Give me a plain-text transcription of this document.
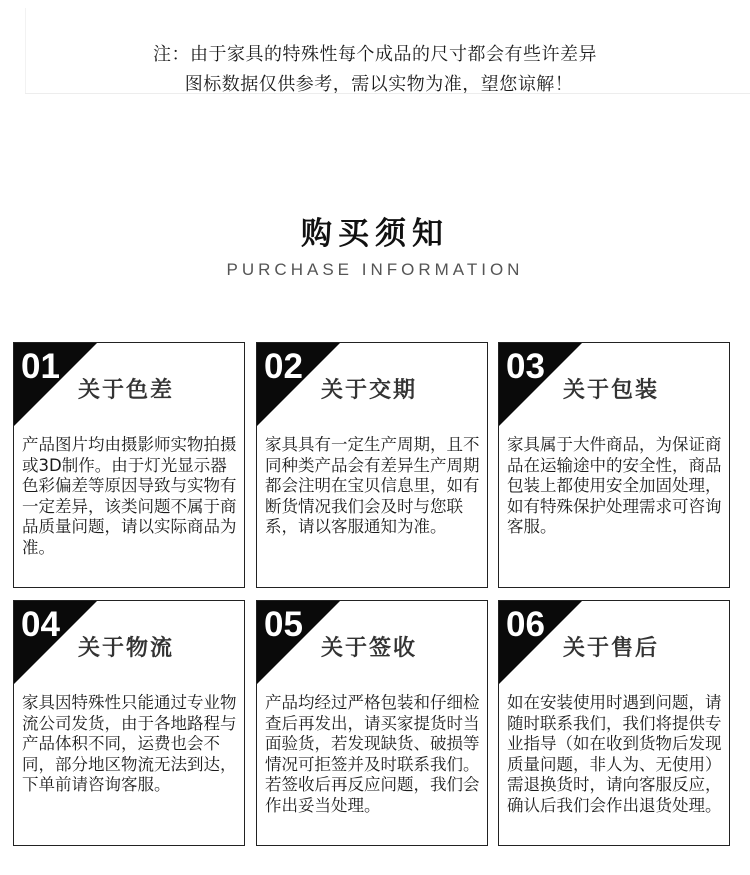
注：由于家具的特殊性每个成品的尺寸都会有些许差异
图标数据仅供参考，需以实物为准，望您谅解！
购买须知
PURCHASE INFORMATION
01
关于色差
产品图片均由摄影师实物拍摄或3D制作。由于灯光显示器色彩偏差等原因导致与实物有一定差异，该类问题不属于商品质量问题，请以实际商品为准。
02
关于交期
家具具有一定生产周期，且不同种类产品会有差异生产周期都会注明在宝贝信息里，如有断货情况我们会及时与您联系，请以客服通知为准。
03
关于包装
家具属于大件商品，为保证商品在运输途中的安全性，商品包装上都使用安全加固处理，如有特殊保护处理需求可咨询客服。
04
关于物流
家具因特殊性只能通过专业物流公司发货，由于各地路程与产品体积不同，运费也会不同，部分地区物流无法到达，下单前请咨询客服。
05
关于签收
产品均经过严格包装和仔细检查后再发出，请买家提货时当面验货，若发现缺货、破损等情况可拒签并及时联系我们。若签收后再反应问题，我们会作出妥当处理。
06
关于售后
如在安装使用时遇到问题，请随时联系我们，我们将提供专业指导（如在收到货物后发现质量问题，非人为、无使用）需退换货时，请向客服反应，确认后我们会作出退货处理。
